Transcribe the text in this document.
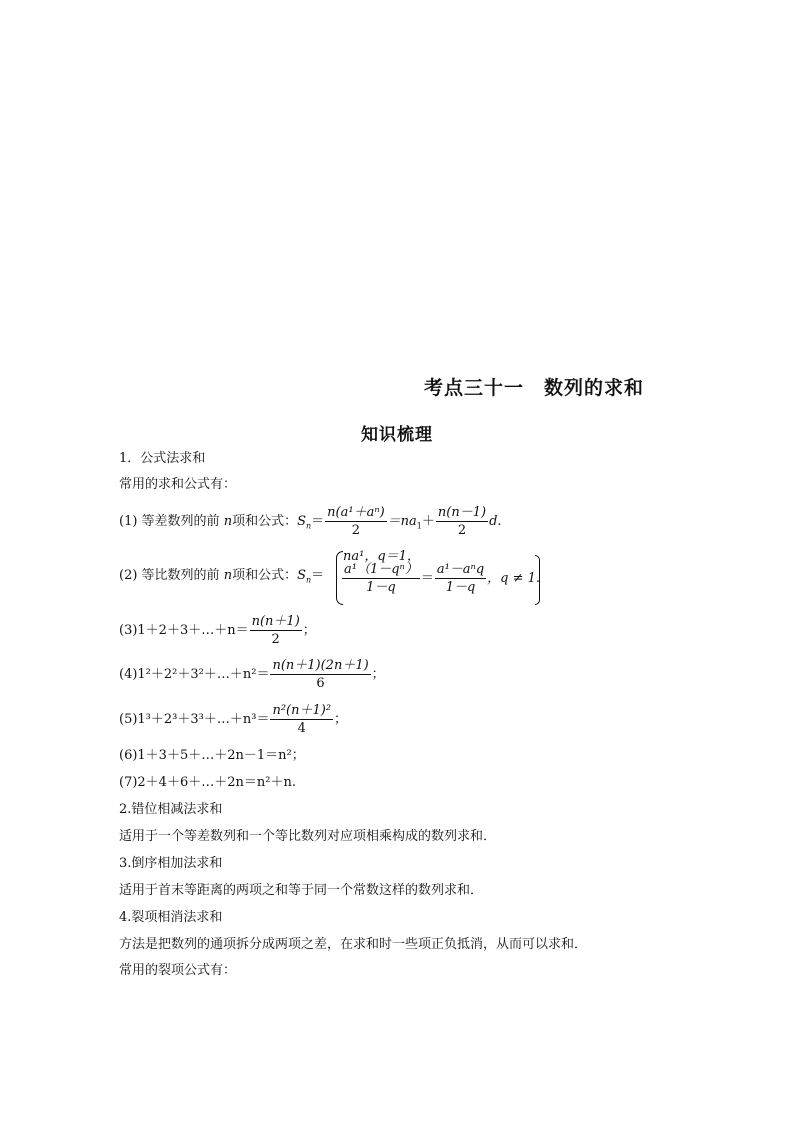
考点三十一　数列的求和
知识梳理
1．公式法求和
常用的求和公式有：
(1) 等差数列的前 n项和公式：$S_n= \frac{\text{n(a¹＋aⁿ)}}{2} =na_1+ \frac{n(n-1)}{2} d$.
(2) 等比数列的前 n项和公式：$S_n=$
na¹，q＝1，
$\frac{\text{a¹（1－qⁿ）}}{1-q} = \frac{\text{a¹－aⁿq}}{1-q}$ ，q ≠ 1.
(3)1＋2＋3＋…＋n＝ $\frac{n(n+1)}{2}$ ；
(4)1²＋2²＋3²＋…＋n²＝ $\frac{n(n+1)(2n+1)}{6}$ ；
(5)1³＋2³＋3³＋…＋n³＝ $\frac{\text{n²(n＋1)²}}{4}$ ；
(6)1＋3＋5＋…＋2n－1＝n²；
(7)2＋4＋6＋…＋2n＝n²＋n.
2.错位相减法求和
适用于一个等差数列和一个等比数列对应项相乘构成的数列求和．
3.倒序相加法求和
适用于首末等距离的两项之和等于同一个常数这样的数列求和．
4.裂项相消法求和
方法是把数列的通项拆分成两项之差，在求和时一些项正负抵消，从而可以求和．
常用的裂项公式有：
